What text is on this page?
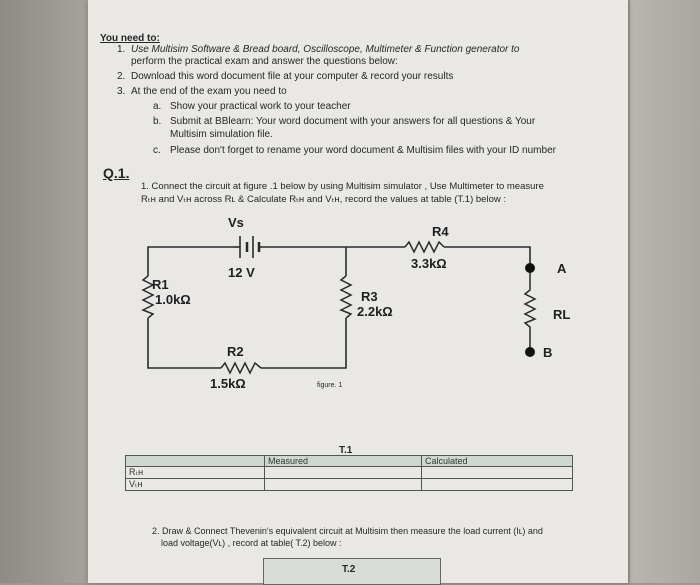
You need to:
1. Use Multisim Software & Bread board, Oscilloscope, Multimeter & Function generator to
perform the practical exam and answer the questions below:
2. Download this word document file at your computer & record your results
3. At the end of the exam you need to
a. Show your practical work to your teacher
b. Submit at BBlearn: Your word document with your answers for all questions & Your
Multisim simulation file.
c. Please don't forget to rename your word document & Multisim files with your ID number
Q.1.
1. Connect the circuit at figure .1 below by using Multisim simulator , Use Multimeter to measure
Rₜʜ and Vₜʜ across Rʟ & Calculate Rₜʜ and Vₜʜ, record the values at table (T.1) below :
Vs
12 V
R1
1.0kΩ
R2
1.5kΩ
R3
2.2kΩ
R4
3.3kΩ
RL
A
B
figure. 1
T.1
	Measured	Calculated
Rₜʜ		
Vₜʜ		
2. Draw & Connect Thevenin's equivalent circuit at Multisim then measure the load current (Iʟ) and
load voltage(Vʟ) , record at table( T.2) below :
T.2
